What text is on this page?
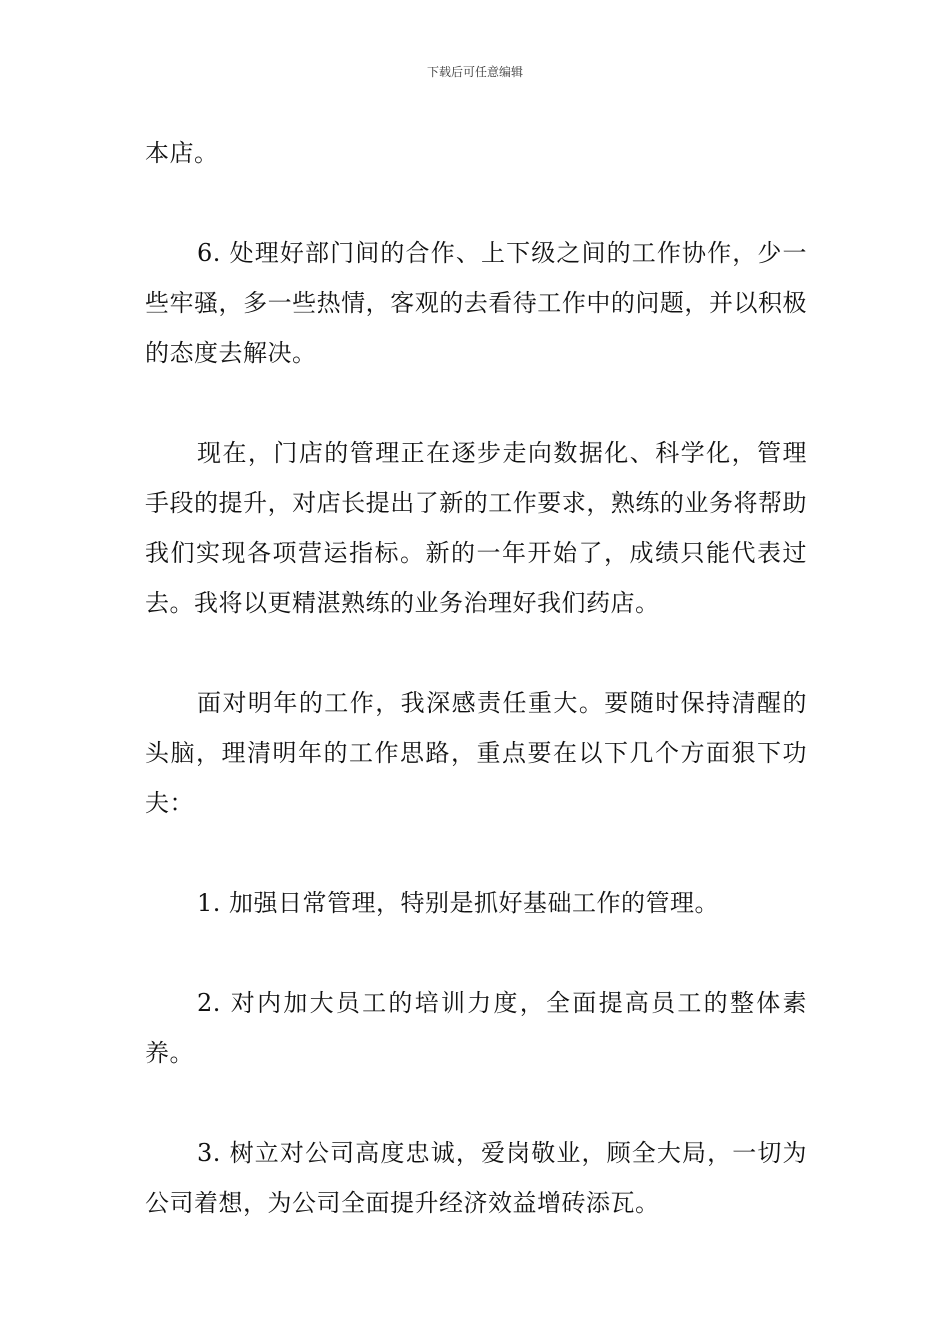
下载后可任意编辑

本店。

6. 处理好部门间的合作、上下级之间的工作协作，少一些牢骚，多一些热情，客观的去看待工作中的问题，并以积极的态度去解决。

现在，门店的管理正在逐步走向数据化、科学化，管理手段的提升，对店长提出了新的工作要求，熟练的业务将帮助我们实现各项营运指标。新的一年开始了，成绩只能代表过去。我将以更精湛熟练的业务治理好我们药店。

面对明年的工作，我深感责任重大。要随时保持清醒的头脑，理清明年的工作思路，重点要在以下几个方面狠下功夫：

1. 加强日常管理，特别是抓好基础工作的管理。

2. 对内加大员工的培训力度，全面提高员工的整体素养。

3. 树立对公司高度忠诚，爱岗敬业，顾全大局，一切为公司着想，为公司全面提升经济效益增砖添瓦。
